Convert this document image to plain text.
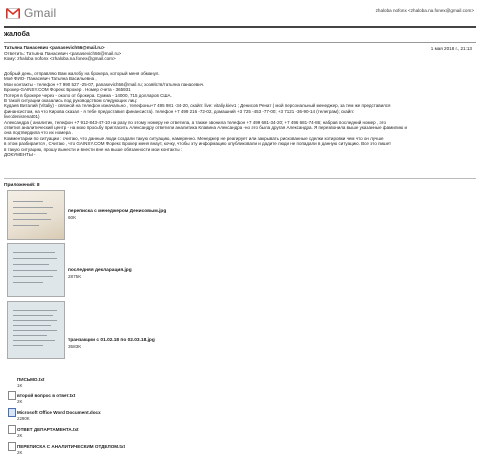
Gmail	zhaloba nofonx <zhaloba.na.fonex@gmail.com>
жалоба
Татьяна Панасевич <panasevich56@mail.ru>	1 мая 2018 г., 21:13
Ответить: Татьяна Панасевич <panasevich56@mail.ru>
Кому: zhaloba nofonx <zhaloba.na.fonex@gmail.com>

Добрый день, отправляю Вам жалобу на брокера, который меня обманул.

Моё ФИО- Панасевич Татьяна Васильевна ,

Мои контакты - телефон +7 990 527 -25-07, panasevich56@mail.ru; хозяйств/татьяна панасевич.

Брокер-GAINSY.COM Форекс Брокер . Номер счета - 365931

Потеря в брокере через - около от брокера. Сумма - 14000, 715 долларов США.

В такой ситуации оказались под руководством следующих лиц:

Кудаев Виталий (Vitaliy) - связной на телефон изначально , телефоны+7 495 981 -34-20, скайп: live: vitaliy.kiev1 ; Денисов Ренат ( мой персональный менеджер, за тем же представился

финансистом, на что Кирова сказал - я тебе предоставил финансиста). телефон +7 499 216 -72-02, домашний +3 725 -453 -77-00; +3 7121 -36-90-14 (телеграм); скайп:

live:denisrenat01)

Александра ( аналитик, телефон +7 912-843-47-10 на разу по этому номеру не ответила, а также звонила телефон +7 499 681-34-20; +7 496 681-74-86; набрав последний номер , это

ответил аналитический центр - на мою просьбу пригласить Александру ответили аналитика Клавина Александра -но это была другая Александра. Я перезвонила выше указанные фамилию и

она подтвердила что их номера .

Комментарии по ситуации : считаю, что данные люди создали такую ситуацию, намеренно. Менеджер не реагирует или закрывать рискованные сделки котировки чем что он лучше

в этом разбирается , Считаю , что GAINSY.COM Форекс Брокер меня внаут, кочку, чтобы эту информацию опубликовали и дадите люди не попадали в данную ситуацию. Все это пишет

в такую ситуацию, прошу вынести и внести вне на выше обязанности мои контакты :

ДОКУМЕНТЫ -

Приложений: 8
переписка с менеджером Денисовым.jpg
60K
последняя декларация.jpg
2875K
транзакции с 01.02.18 по 02.03.18.jpg
3583K
ПИСЬМО.txt
1K
второй вопрос в ответ.txt
2K
Microsoft Office Word Document.docx
2290K
ОТВЕТ ДЕПАРТАМЕНТА.txt
2K
ПЕРЕПИСКА С АНАЛИТИЧЕСКИМ ОТДЕЛОМ.txt
2K
